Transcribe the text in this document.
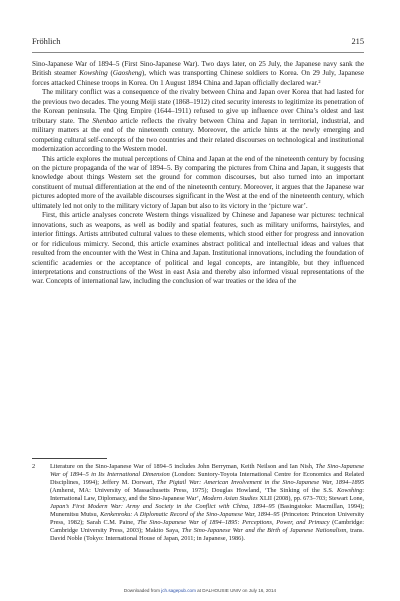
Fröhlich	215

Sino-Japanese War of 1894–5 (First Sino-Japanese War). Two days later, on 25 July, the Japanese navy sank the British steamer Kowshing (Gaosheng), which was transporting Chinese soldiers to Korea. On 29 July, Japanese forces attacked Chinese troops in Korea. On 1 August 1894 China and Japan officially declared war.²

The military conflict was a consequence of the rivalry between China and Japan over Korea that had lasted for the previous two decades. The young Meiji state (1868–1912) cited security interests to legitimize its penetration of the Korean peninsula. The Qing Empire (1644–1911) refused to give up influence over China’s oldest and last tributary state. The Shenbao article reflects the rivalry between China and Japan in territorial, industrial, and military matters at the end of the nineteenth century. Moreover, the article hints at the newly emerging and competing cultural self-concepts of the two countries and their related discourses on technological and institutional modernization according to the Western model.

This article explores the mutual perceptions of China and Japan at the end of the nineteenth century by focusing on the picture propaganda of the war of 1894–5. By comparing the pictures from China and Japan, it suggests that knowledge about things Western set the ground for common discourses, but also turned into an important constituent of mutual differentiation at the end of the nineteenth century. Moreover, it argues that the Japanese war pictures adopted more of the available discourses significant in the West at the end of the nineteenth century, which ultimately led not only to the military victory of Japan but also to its victory in the ‘picture war’.

First, this article analyses concrete Western things visualized by Chinese and Japanese war pictures: technical innovations, such as weapons, as well as bodily and spatial features, such as military uniforms, hairstyles, and interior fittings. Artists attributed cultural values to these elements, which stood either for progress and innovation or for ridiculous mimicry. Second, this article examines abstract political and intellectual ideas and values that resulted from the encounter with the West in China and Japan. Institutional innovations, including the foundation of scientific academies or the acceptance of political and legal concepts, are intangible, but they influenced interpretations and constructions of the West in east Asia and thereby also informed visual representations of the war. Concepts of international law, including the conclusion of war treaties or the idea of the

2 Literature on the Sino-Japanese War of 1894–5 includes John Berryman, Keith Neilson and Ian Nish, The Sino-Japanese War of 1894–5 in Its International Dimension (London: Suntory-Toyota International Centre for Economics and Related Disciplines, 1994); Jeffery M. Dorwart, The Pigtail War: American Involvement in the Sino-Japanese War, 1894–1895 (Amherst, MA: University of Massachusetts Press, 1975); Douglas Howland, ‘The Sinking of the S.S. Kowshing: International Law, Diplomacy, and the Sino-Japanese War’, Modern Asian Studies XLII (2008), pp. 673–703; Stewart Lone, Japan’s First Modern War: Army and Society in the Conflict with China, 1894–95 (Basingstoke: Macmillan, 1994); Munemitsu Mutsu, Kenkenroku: A Diplomatic Record of the Sino-Japanese War, 1894–95 (Princeton: Princeton University Press, 1982); Sarah C.M. Paine, The Sino-Japanese War of 1894–1895: Perceptions, Power, and Primacy (Cambridge: Cambridge University Press, 2003); Makito Saya, The Sino-Japanese War and the Birth of Japanese Nationalism, trans. David Noble (Tokyo: International House of Japan, 2011; in Japanese, 1986).
Downloaded from jch.sagepub.com at DALHOUSIE UNIV on July 16, 2014
